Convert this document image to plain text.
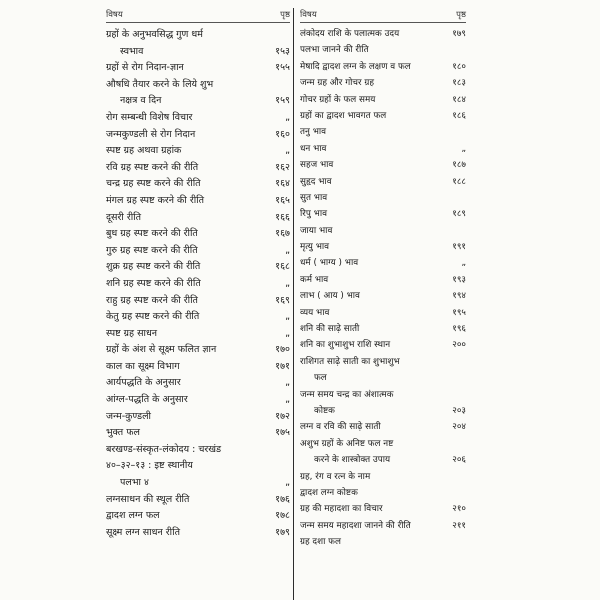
विषय	पृष्ठ
ग्रहों के अनुभवसिद्ध गुण धर्म
स्वभाव	१५३
ग्रहों से रोग निदान-ज्ञान	१५५
औषधि तैयार करने के लिये शुभ
नक्षत्र व दिन	१५९
रोग सम्बन्धी विशेष विचार	„
जन्मकुण्डली से रोग निदान	१६०
स्पष्ट ग्रह अथवा ग्रहांक	„
रवि ग्रह स्पष्ट करने की रीति	१६२
चन्द्र ग्रह स्पष्ट करने की रीति	१६४
मंगल ग्रह स्पष्ट करने की रीति	१६५
दूसरी रीति	१६६
बुध ग्रह स्पष्ट करने की रीति	१६७
गुरु ग्रह स्पष्ट करने की रीति	„
शुक्र ग्रह स्पष्ट करने की रीति	१६८
शनि ग्रह स्पष्ट करने की रीति	„
राहु ग्रह स्पष्ट करने की रीति	१६९
केतु ग्रह स्पष्ट करने की रीति	„
स्पष्ट ग्रह साधन	„
ग्रहों के अंश से सूक्ष्म फलित ज्ञान	१७०
काल का सूक्ष्म विभाग	१७१
आर्यपद्धति के अनुसार	„
आंग्ल-पद्धति के अनुसार	„
जन्म-कुण्डली	१७२
भुक्त फल	१७५
बरखण्ड-संस्कृत-लंकोदय : चरखंड
४०–३२–१३ : इष्ट स्थानीय
पलभा ४	„
लग्नसाधन की स्थूल रीति	१७६
द्वादश लग्न फल	१७८
सूक्ष्म लग्न साधन रीति	१७९
विषय	पृष्ठ
लंकोदय राशि के पलात्मक उदय	१७९
पलभा जानने की रीति
मेषादि द्वादश लग्न के लक्षण व फल	१८०
जन्म ग्रह और गोचर ग्रह	१८३
गोचर ग्रहों के फल समय	१८४
ग्रहों का द्वादश भावगत फल	१८६
तनु भाव
धन भाव	„
सहज भाव	१८७
सुहृद भाव	१८८
सुत भाव
रिपु भाव	१८९
जाया भाव
मृत्यु भाव	१९१
धर्म ( भाग्य ) भाव	„
कर्म भाव	१९३
लाभ ( आय ) भाव	१९४
व्यय भाव	१९५
शनि की साढ़े साती	१९६
शनि का शुभाशुभ राशि स्थान	२००
राशिगत साढ़े साती का शुभाशुभ
फल
जन्म समय चन्द्र का अंशात्मक
कोष्टक	२०३
लग्न व रवि की साढ़े साती	२०४
अशुभ ग्रहों के अनिष्ट फल नष्ट
करने के शास्त्रोक्त उपाय	२०६
ग्रह, रंग व रत्न के नाम
द्वादश लग्न कोष्टक
ग्रह की महादशा का विचार	२१०
जन्म समय महादशा जानने की रीति	२११
ग्रह दशा फल
